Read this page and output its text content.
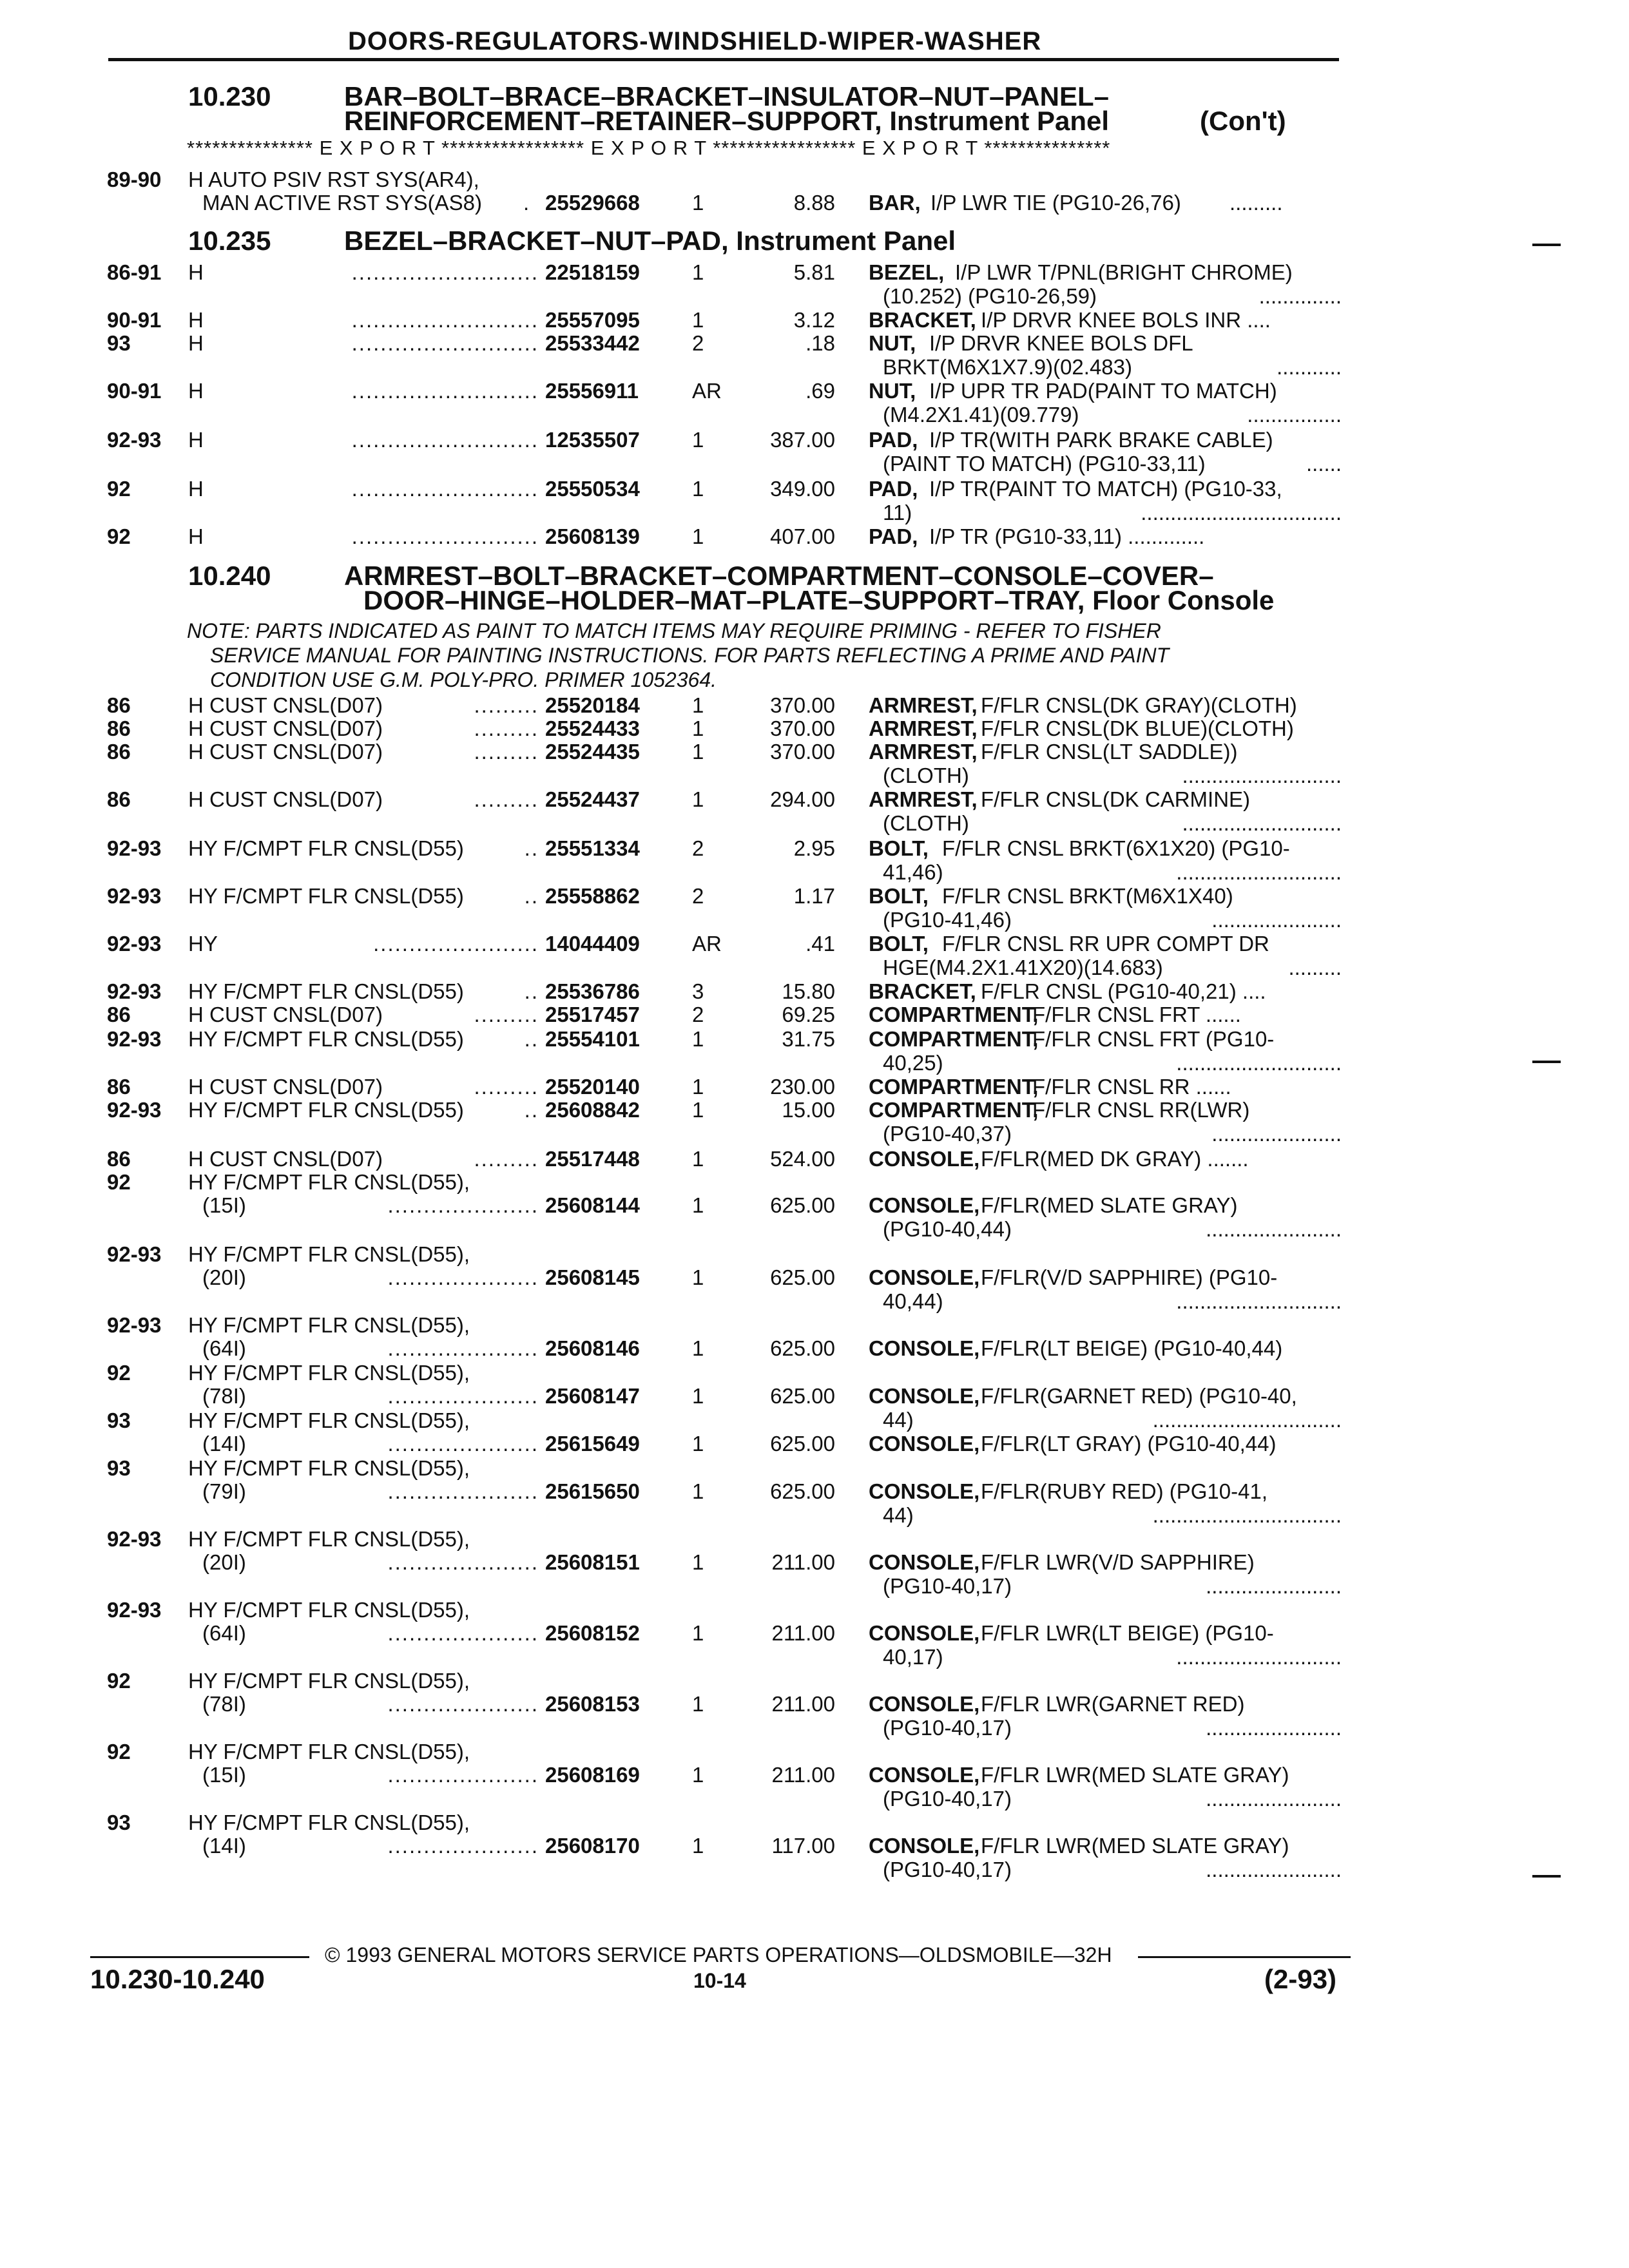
DOORS-REGULATORS-WINDSHIELD-WIPER-WASHER
10.230	BAR–BOLT–BRACE–BRACKET–INSULATOR–NUT–PANEL–
REINFORCEMENT–RETAINER–SUPPORT, Instrument Panel	(Con't)
*************** E X P O R T ***************** E X P O R T ***************** E X P O R T ***************
89-90 H AUTO PSIV RST SYS(AR4),
MAN ACTIVE RST SYS(AS8) . 25529668 1	8.88 BAR, I/P LWR TIE (PG10-26,76) .........
10.235	BEZEL–BRACKET–NUT–PAD, Instrument Panel
86-91 H	.......................... 22518159 1	5.81 BEZEL, I/P LWR T/PNL(BRIGHT CHROME)
(10.252) (PG10-26,59)	..............
90-91 H	.......................... 25557095 1	3.12 BRACKET, I/P DRVR KNEE BOLS INR ....
93	H	.......................... 25533442 2	.18 NUT, I/P DRVR KNEE BOLS DFL
BRKT(M6X1X7.9)(02.483)	...........
90-91 H	.......................... 25556911	AR	.69 NUT, I/P UPR TR PAD(PAINT TO MATCH)
(M4.2X1.41)(09.779)	................
92-93 H	.......................... 12535507 1	387.00 PAD, I/P TR(WITH PARK BRAKE CABLE)
(PAINT TO MATCH) (PG10-33,11)	......
92	H	.......................... 25550534 1	349.00 PAD, I/P TR(PAINT TO MATCH) (PG10-33,
11)	..................................
92	H	.......................... 25608139 1	407.00 PAD, I/P TR (PG10-33,11) .............
10.240	ARMREST–BOLT–BRACKET–COMPARTMENT–CONSOLE–COVER–
DOOR–HINGE–HOLDER–MAT–PLATE–SUPPORT–TRAY, Floor Console
NOTE: PARTS INDICATED AS PAINT TO MATCH ITEMS MAY REQUIRE PRIMING - REFER TO FISHER
SERVICE MANUAL FOR PAINTING INSTRUCTIONS. FOR PARTS REFLECTING A PRIME AND PAINT
CONDITION USE G.M. POLY-PRO. PRIMER 1052364.
86	H CUST CNSL(D07)	......... 25520184 1	370.00 ARMREST, F/FLR CNSL(DK GRAY)(CLOTH)
86	H CUST CNSL(D07)	......... 25524433 1	370.00 ARMREST, F/FLR CNSL(DK BLUE)(CLOTH)
86	H CUST CNSL(D07)	......... 25524435 1	370.00 ARMREST, F/FLR CNSL(LT SADDLE))
(CLOTH)	...........................
86	H CUST CNSL(D07)	......... 25524437 1	294.00 ARMREST, F/FLR CNSL(DK CARMINE)
(CLOTH)	...........................
92-93 HY F/CMPT FLR CNSL(D55)	.. 25551334 2	2.95 BOLT, F/FLR CNSL BRKT(6X1X20) (PG10-
41,46)	............................
92-93 HY F/CMPT FLR CNSL(D55)	.. 25558862 2	1.17 BOLT, F/FLR CNSL BRKT(M6X1X40)
(PG10-41,46)	......................
92-93 HY	....................... 14044409 AR	.41 BOLT, F/FLR CNSL RR UPR COMPT DR
HGE(M4.2X1.41X20)(14.683)	.........
92-93 HY F/CMPT FLR CNSL(D55)	.. 25536786 3	15.80 BRACKET, F/FLR CNSL (PG10-40,21) ....
86	H CUST CNSL(D07)	......... 25517457 2	69.25 COMPARTMENT,
F/FLR CNSL FRT ......
92-93 HY F/CMPT FLR CNSL(D55)	.. 25554101 1	31.75 COMPARTMENT,
F/FLR CNSL FRT (PG10-
40,25)	............................
86	H CUST CNSL(D07)	......... 25520140 1	230.00 COMPARTMENT,
F/FLR CNSL RR ......
92-93 HY F/CMPT FLR CNSL(D55)	.. 25608842 1	15.00 COMPARTMENT,
F/FLR CNSL RR(LWR)
(PG10-40,37)	......................
86	H CUST CNSL(D07)	......... 25517448 1	524.00 CONSOLE, F/FLR(MED DK GRAY) .......
92	HY F/CMPT FLR CNSL(D55),
(15I)	..................... 25608144 1	625.00 CONSOLE, F/FLR(MED SLATE GRAY)
(PG10-40,44)	.......................
92-93 HY F/CMPT FLR CNSL(D55),
(20I)	..................... 25608145 1	625.00 CONSOLE, F/FLR(V/D SAPPHIRE) (PG10-
40,44)	............................
92-93 HY F/CMPT FLR CNSL(D55),
(64I)	..................... 25608146 1	625.00 CONSOLE, F/FLR(LT BEIGE) (PG10-40,44)
92	HY F/CMPT FLR CNSL(D55),
(78I)	..................... 25608147 1	625.00 CONSOLE, F/FLR(GARNET RED) (PG10-40,
44)	................................
93	HY F/CMPT FLR CNSL(D55),
(14I)	..................... 25615649 1	625.00 CONSOLE, F/FLR(LT GRAY) (PG10-40,44)
93	HY F/CMPT FLR CNSL(D55),
(79I)	..................... 25615650 1	625.00 CONSOLE, F/FLR(RUBY RED) (PG10-41,
44)	................................
92-93 HY F/CMPT FLR CNSL(D55),
(20I)	..................... 25608151 1	211.00 CONSOLE, F/FLR LWR(V/D SAPPHIRE)
(PG10-40,17)	.......................
92-93 HY F/CMPT FLR CNSL(D55),
(64I)	..................... 25608152 1	211.00 CONSOLE, F/FLR LWR(LT BEIGE) (PG10-
40,17)	............................
92	HY F/CMPT FLR CNSL(D55),
(78I)	..................... 25608153 1	211.00 CONSOLE, F/FLR LWR(GARNET RED)
(PG10-40,17)	.......................
92	HY F/CMPT FLR CNSL(D55),
(15I)	..................... 25608169 1	211.00 CONSOLE, F/FLR LWR(MED SLATE GRAY)
(PG10-40,17)	.......................
93	HY F/CMPT FLR CNSL(D55),
(14I)	..................... 25608170 1	117.00 CONSOLE, F/FLR LWR(MED SLATE GRAY)
(PG10-40,17)	.......................
© 1993 GENERAL MOTORS SERVICE PARTS OPERATIONS—OLDSMOBILE—32H
10.230-10.240	10-14	(2-93)
